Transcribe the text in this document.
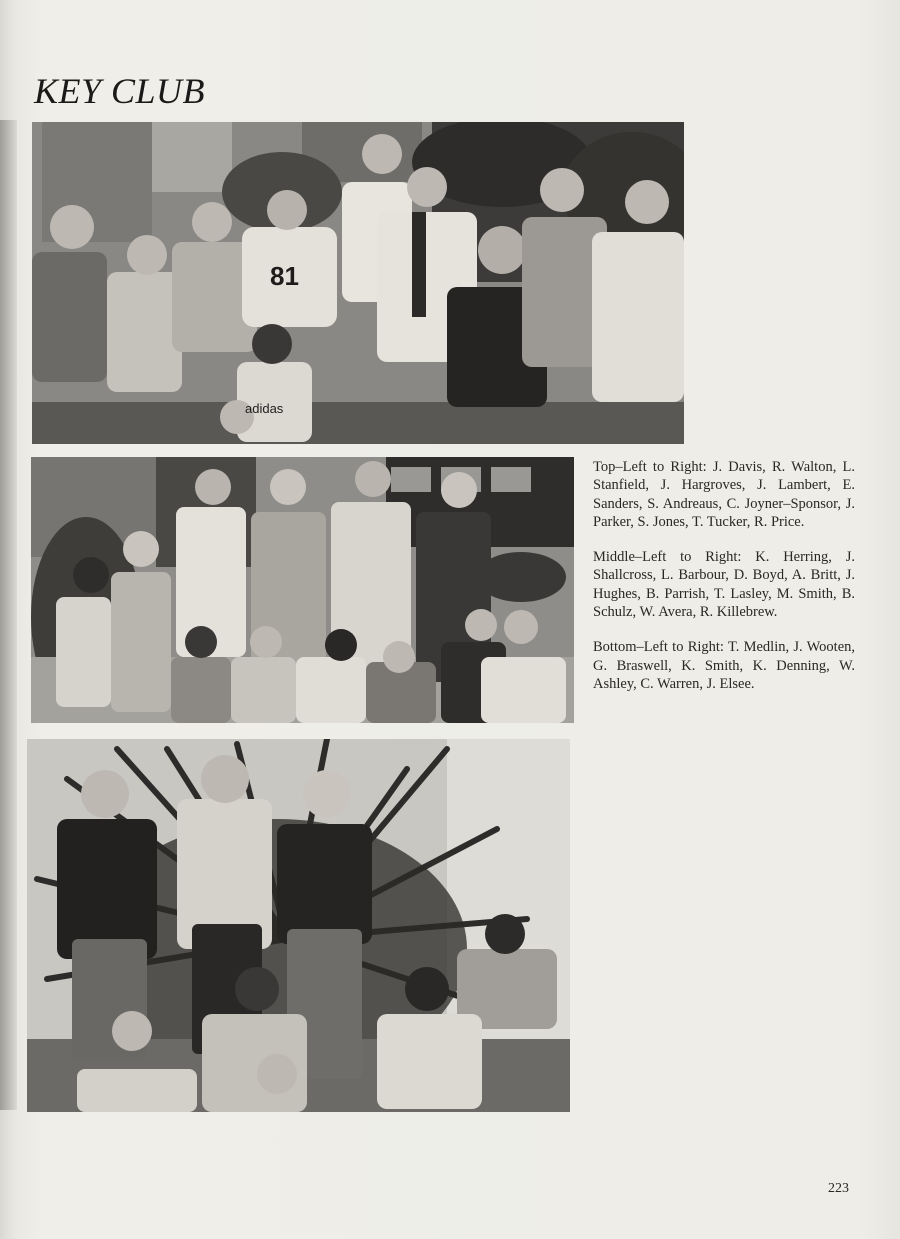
KEY CLUB
81
adidas

Top–Left to Right: J. Davis, R. Walton, L. Stanfield, J. Hargroves, J. Lambert, E. Sanders, S. Andreaus, C. Joyner–Sponsor, J. Parker, S. Jones, T. Tucker, R. Price.

Middle–Left to Right: K. Herring, J. Shallcross, L. Barbour, D. Boyd, A. Britt, J. Hughes, B. Parrish, T. Lasley, M. Smith, B. Schulz, W. Avera, R. Killebrew.

Bottom–Left to Right: T. Medlin, J. Wooten, G. Braswell, K. Smith, K. Denning, W. Ashley, C. Warren, J. Elsee.

223
